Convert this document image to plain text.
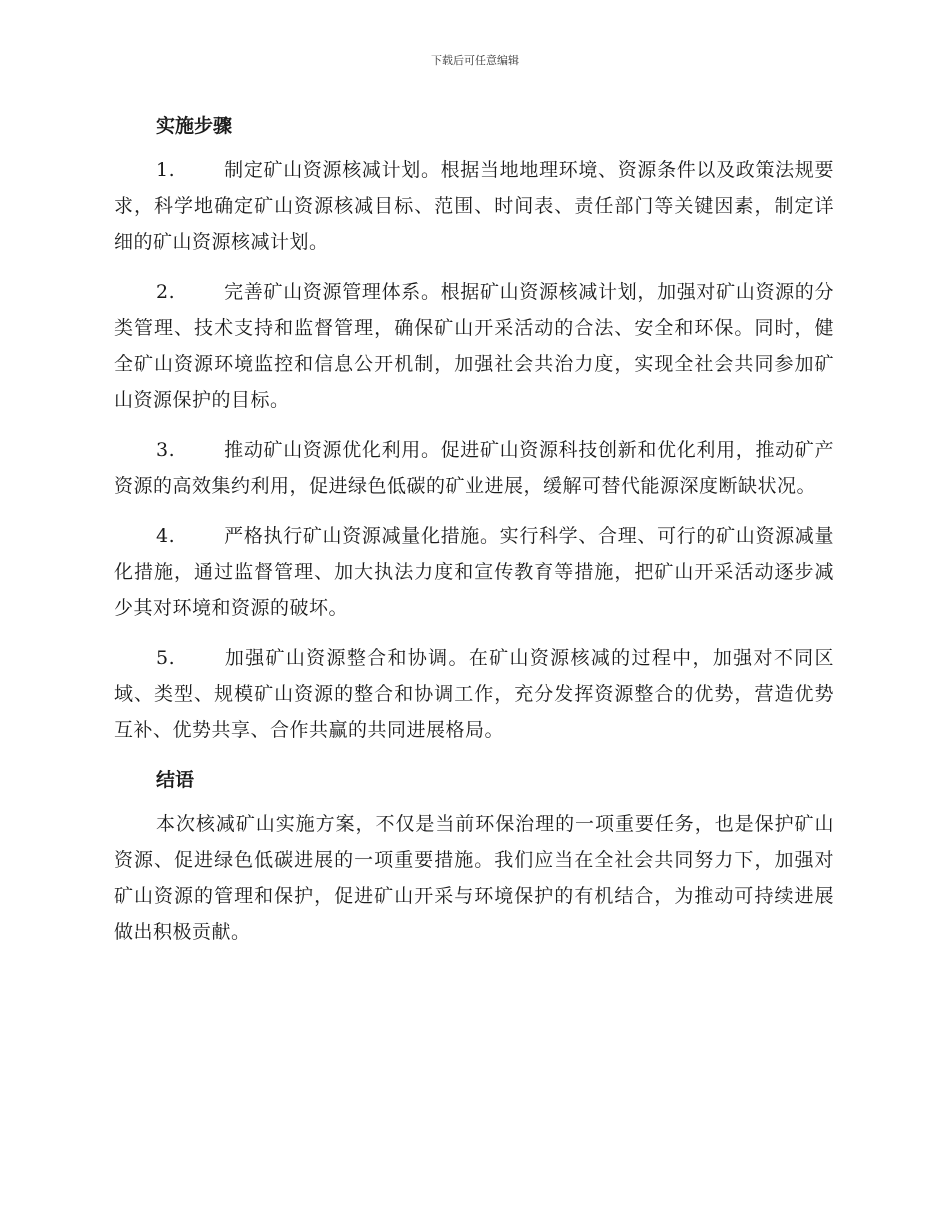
下载后可任意编辑
实施步骤

1.	制定矿山资源核减计划。根据当地地理环境、资源条件以及政策法规要求，科学地确定矿山资源核减目标、范围、时间表、责任部门等关键因素，制定详细的矿山资源核减计划。

2.	完善矿山资源管理体系。根据矿山资源核减计划，加强对矿山资源的分类管理、技术支持和监督管理，确保矿山开采活动的合法、安全和环保。同时，健全矿山资源环境监控和信息公开机制，加强社会共治力度，实现全社会共同参加矿山资源保护的目标。

3.	推动矿山资源优化利用。促进矿山资源科技创新和优化利用，推动矿产资源的高效集约利用，促进绿色低碳的矿业进展，缓解可替代能源深度断缺状况。

4.	严格执行矿山资源减量化措施。实行科学、合理、可行的矿山资源减量化措施，通过监督管理、加大执法力度和宣传教育等措施，把矿山开采活动逐步减少其对环境和资源的破坏。

5.	加强矿山资源整合和协调。在矿山资源核减的过程中，加强对不同区域、类型、规模矿山资源的整合和协调工作，充分发挥资源整合的优势，营造优势互补、优势共享、合作共赢的共同进展格局。

结语

本次核减矿山实施方案，不仅是当前环保治理的一项重要任务，也是保护矿山资源、促进绿色低碳进展的一项重要措施。我们应当在全社会共同努力下，加强对矿山资源的管理和保护，促进矿山开采与环境保护的有机结合，为推动可持续进展做出积极贡献。
